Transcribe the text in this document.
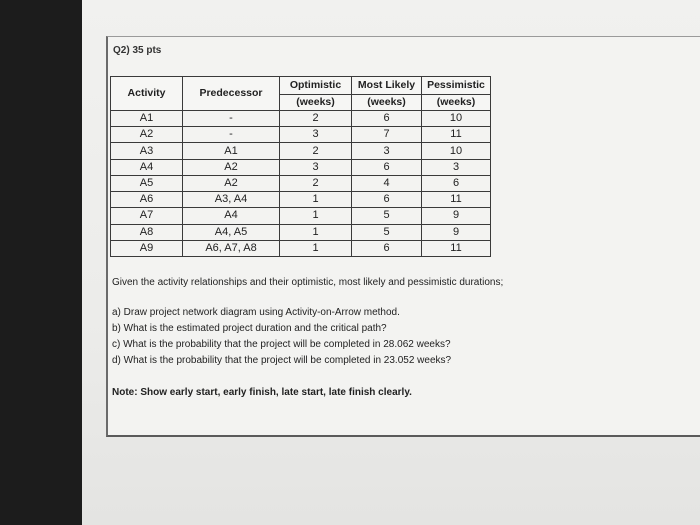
Q2) 35 pts
Activity	Predecessor	Optimistic	Most Likely	Pessimistic
		(weeks)	(weeks)	(weeks)
A1	-	2	6	10
A2	-	3	7	11
A3	A1	2	3	10
A4	A2	3	6	3
A5	A2	2	4	6
A6	A3, A4	1	6	11
A7	A4	1	5	9
A8	A4, A5	1	5	9
A9	A6, A7, A8	1	6	11
Given the activity relationships and their optimistic, most likely and pessimistic durations;
a) Draw project network diagram using Activity-on-Arrow method.
b) What is the estimated project duration and the critical path?
c) What is the probability that the project will be completed in 28.062 weeks?
d) What is the probability that the project will be completed in 23.052 weeks?
Note: Show early start, early finish, late start, late finish clearly.
